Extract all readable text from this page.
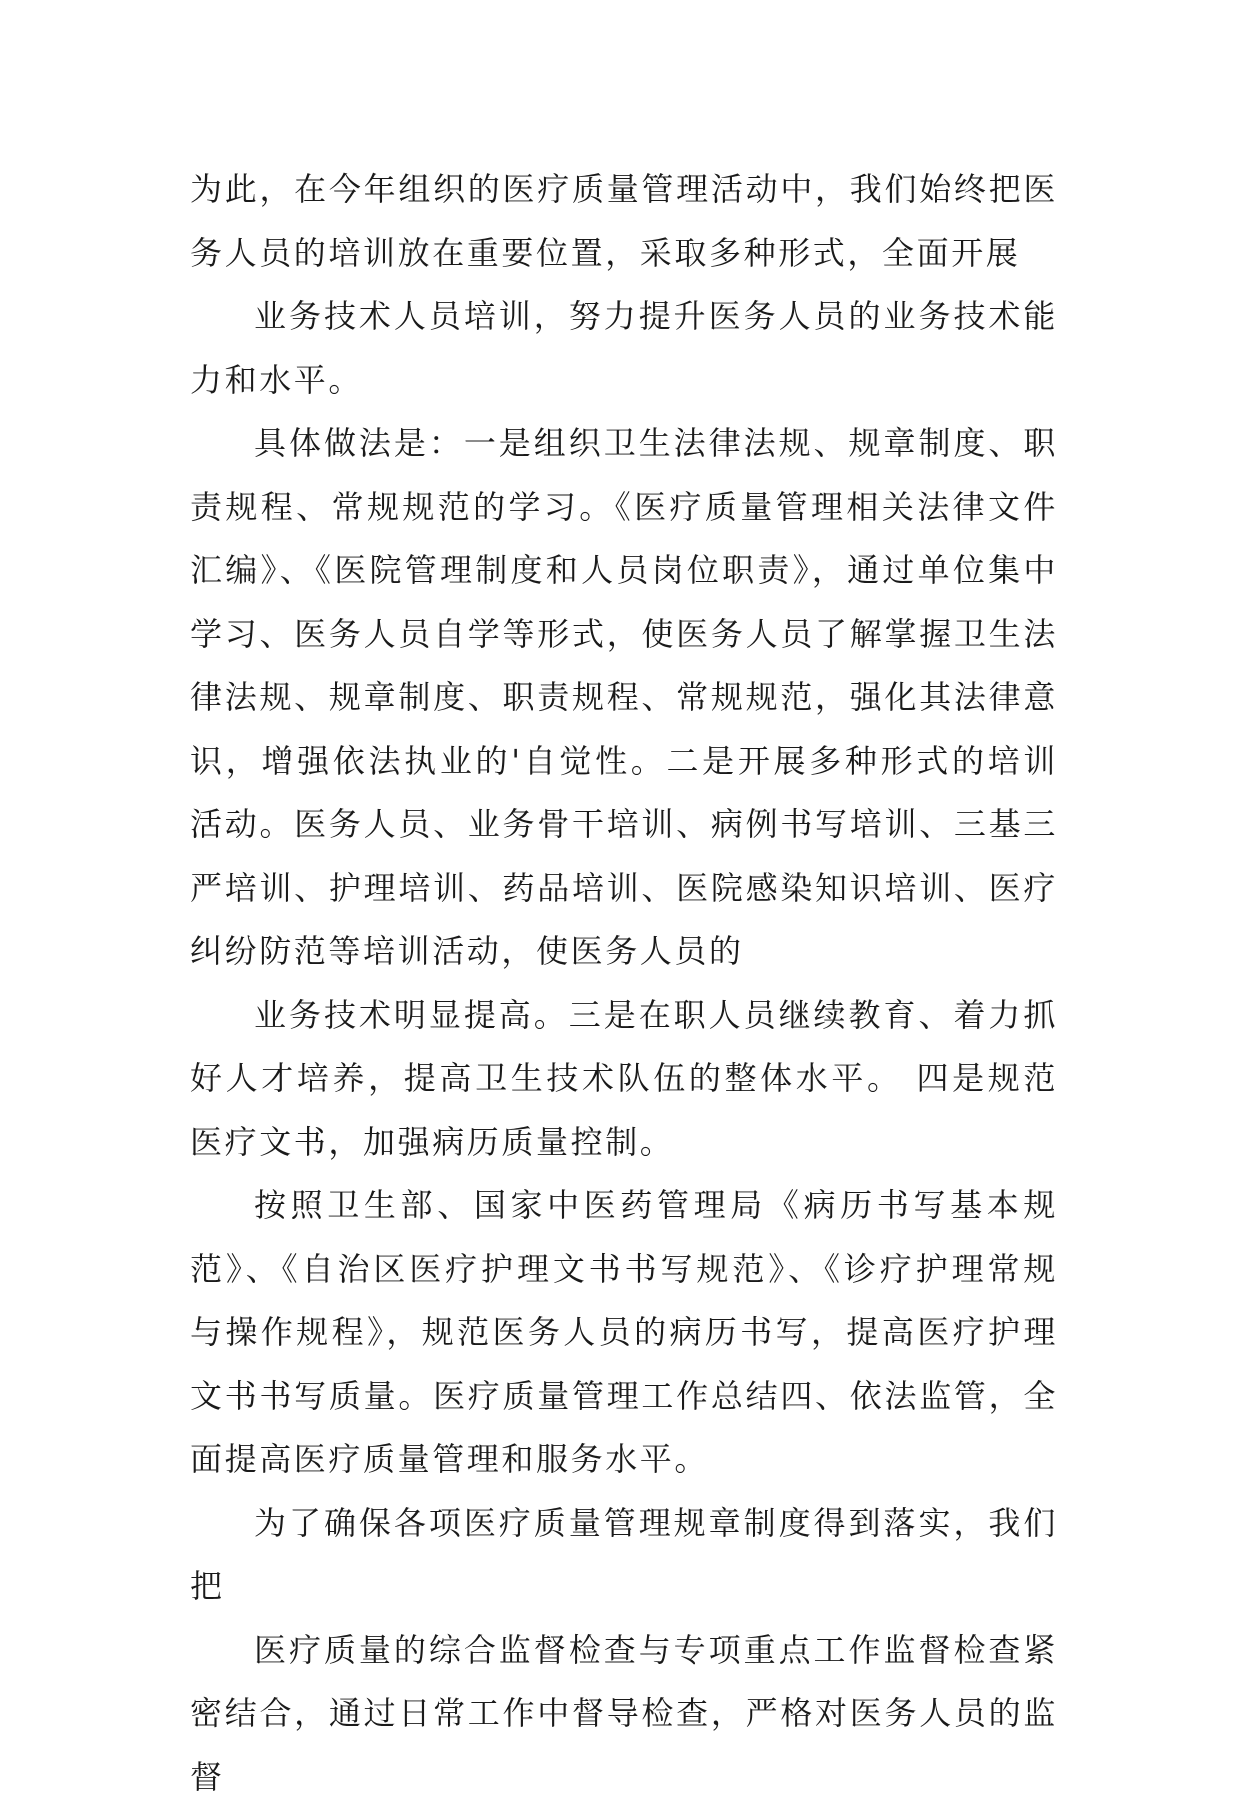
为此，在今年组织的医疗质量管理活动中，我们始终把医务人员的培训放在重要位置，采取多种形式，全面开展

业务技术人员培训，努力提升医务人员的业务技术能力和水平。

具体做法是：一是组织卫生法律法规、规章制度、职责规程、常规规范的学习。《医疗质量管理相关法律文件汇编》、《医院管理制度和人员岗位职责》，通过单位集中学习、医务人员自学等形式，使医务人员了解掌握卫生法律法规、规章制度、职责规程、常规规范，强化其法律意识，增强依法执业的'自觉性。二是开展多种形式的培训活动。医务人员、业务骨干培训、病例书写培训、三基三严培训、护理培训、药品培训、医院感染知识培训、医疗纠纷防范等培训活动，使医务人员的

业务技术明显提高。三是在职人员继续教育、着力抓好人才培养，提高卫生技术队伍的整体水平。 四是规范医疗文书，加强病历质量控制。

按照卫生部、国家中医药管理局《病历书写基本规范》、《自治区医疗护理文书书写规范》、《诊疗护理常规与操作规程》，规范医务人员的病历书写，提高医疗护理文书书写质量。医疗质量管理工作总结四、依法监管，全面提高医疗质量管理和服务水平。

为了确保各项医疗质量管理规章制度得到落实，我们把

医疗质量的综合监督检查与专项重点工作监督检查紧密结合，通过日常工作中督导检查，严格对医务人员的监督
